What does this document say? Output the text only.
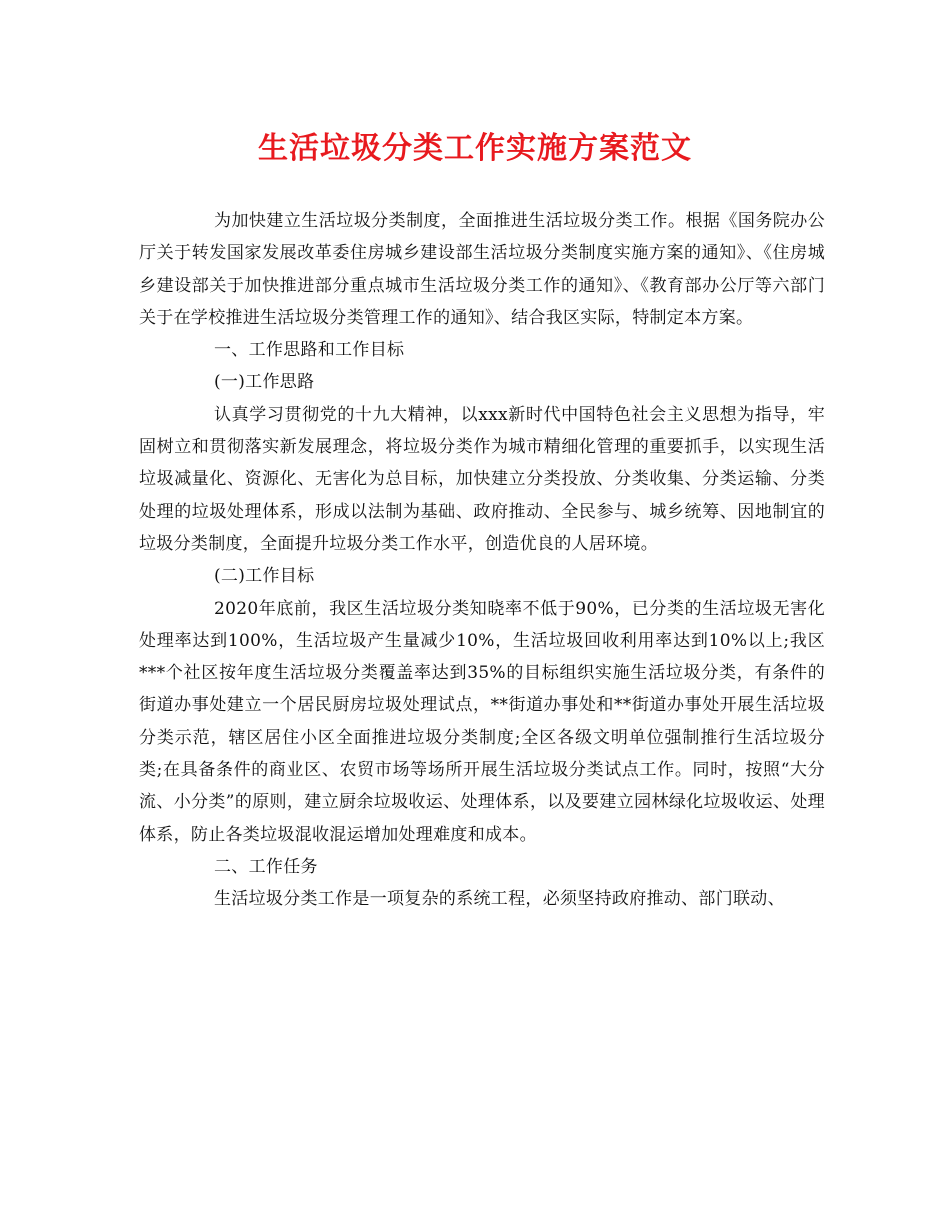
生活垃圾分类工作实施方案范文

为加快建立生活垃圾分类制度，全面推进生活垃圾分类工作。根据《国务院办公厅关于转发国家发展改革委住房城乡建设部生活垃圾分类制度实施方案的通知》、《住房城乡建设部关于加快推进部分重点城市生活垃圾分类工作的通知》、《教育部办公厅等六部门关于在学校推进生活垃圾分类管理工作的通知》、结合我区实际，特制定本方案。

一、工作思路和工作目标

(一)工作思路

认真学习贯彻党的十九大精神，以xxx新时代中国特色社会主义思想为指导，牢固树立和贯彻落实新发展理念，将垃圾分类作为城市精细化管理的重要抓手，以实现生活垃圾减量化、资源化、无害化为总目标，加快建立分类投放、分类收集、分类运输、分类处理的垃圾处理体系，形成以法制为基础、政府推动、全民参与、城乡统筹、因地制宜的垃圾分类制度，全面提升垃圾分类工作水平，创造优良的人居环境。

(二)工作目标

2020年底前，我区生活垃圾分类知晓率不低于90%，已分类的生活垃圾无害化处理率达到100%，生活垃圾产生量减少10%，生活垃圾回收利用率达到10%以上;我区***个社区按年度生活垃圾分类覆盖率达到35%的目标组织实施生活垃圾分类，有条件的街道办事处建立一个居民厨房垃圾处理试点，**街道办事处和**街道办事处开展生活垃圾分类示范，辖区居住小区全面推进垃圾分类制度;全区各级文明单位强制推行生活垃圾分类;在具备条件的商业区、农贸市场等场所开展生活垃圾分类试点工作。同时，按照“大分流、小分类”的原则，建立厨余垃圾收运、处理体系，以及要建立园林绿化垃圾收运、处理体系，防止各类垃圾混收混运增加处理难度和成本。

二、工作任务

生活垃圾分类工作是一项复杂的系统工程，必须坚持政府推动、部门联动、
